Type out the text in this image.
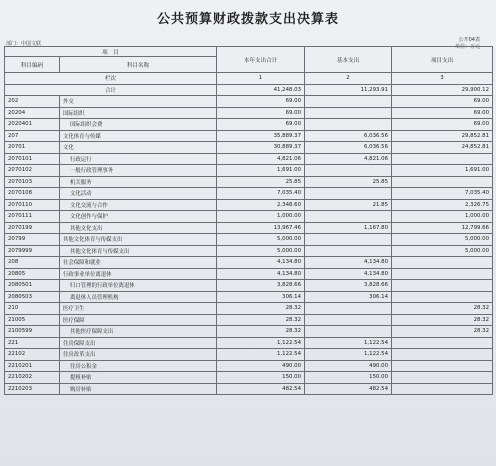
公共预算财政拨款支出决算表
部门：中国文联
公开04表
单位：万元
项　目		本年支出合计	基本支出	项目支出
科目编码	科目名称			
栏次		1	2	3
合计		41,248.03	11,293.91	29,900.12
202	外交	69.00		69.00
20204	国际组织	69.00		69.00
2020401	国际组织会费	69.00		69.00
207	文化体育与传媒	35,889.37	6,036.56	29,852.81
20701	文化	30,889.37	6,036.56	24,852.81
2070101	行政运行	4,821.06	4,821.06	
2070102	一般行政管理事务	1,691.00		1,691.00
2070103	机关服务	25.85	25.85	
2070108	文化活动	7,035.40		7,035.40
2070110	文化交流与合作	2,348.60	21.85	2,326.75
2070111	文化创作与保护	1,000.00		1,000.00
2070199	其他文化支出	13,967.46	1,167.80	12,799.66
20799	其他文化体育与传媒支出	5,000.00		5,000.00
2079999	其他文化体育与传媒支出	5,000.00		5,000.00
208	社会保障和就业	4,134.80	4,134.80	
20805	行政事业单位离退休	4,134.80	4,134.80	
2080501	归口管理的行政单位离退休	3,828.66	3,828.66	
2080503	离退休人员管理机构	306.14	306.14	
210	医疗卫生	28.32		28.32
21005	医疗保障	28.32		28.32
2100599	其他医疗保障支出	28.32		28.32
221	住房保障支出	1,122.54	1,122.54	
22102	住房改革支出	1,122.54	1,122.54	
2210201	住房公积金	490.00	490.00	
2210202	提租补贴	150.00	150.00	
2210203	购房补贴	482.54	482.54	
